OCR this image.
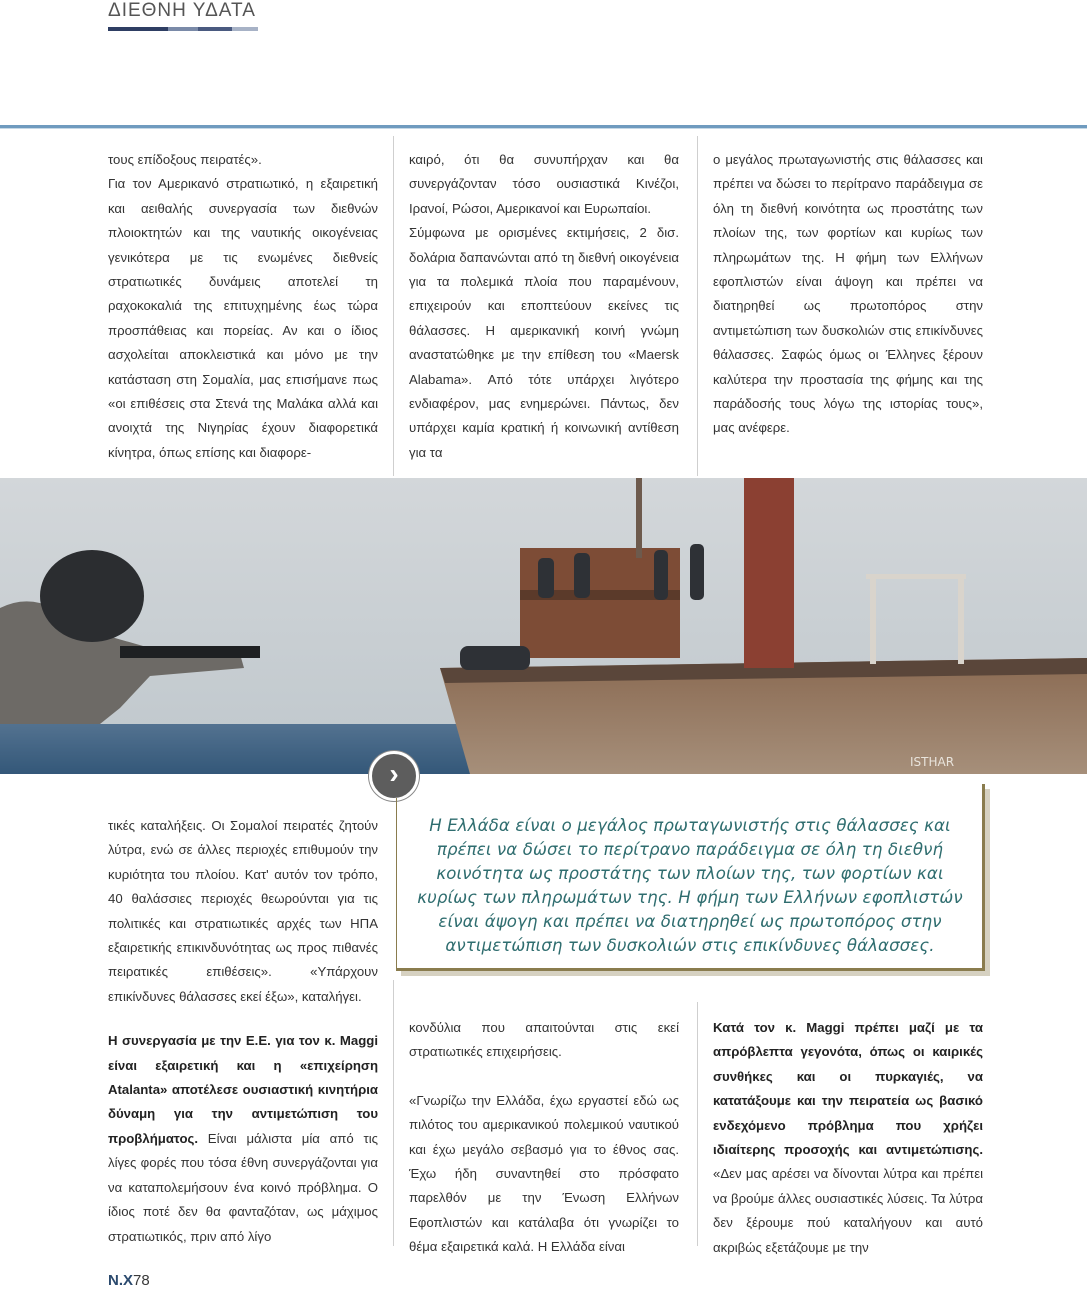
ΔΙΕΘΝΗ ΥΔΑΤΑ

τους επίδοξους πειρατές».

Για τον Αμερικανό στρατιωτικό, η εξαιρετική και αειθαλής συνεργασία των διεθνών πλοιοκτητών και της ναυτικής οικογένειας γενικότερα με τις ενωμένες διεθνείς στρατιωτικές δυνάμεις αποτελεί τη ραχοκοκαλιά της επιτυχημένης έως τώρα προσπάθειας και πορείας. Αν και ο ίδιος ασχολείται αποκλειστικά και μόνο με την κατάσταση στη Σομαλία, μας επισήμανε πως «οι επιθέσεις στα Στενά της Μαλάκα αλλά και ανοιχτά της Νιγηρίας έχουν διαφορετικά κίνητρα, όπως επίσης και διαφορε-

καιρό, ότι θα συνυπήρχαν και θα συνεργάζονταν τόσο ουσιαστικά Κινέζοι, Ιρανοί, Ρώσοι, Αμερικανοί και Ευρωπαίοι.

Σύμφωνα με ορισμένες εκτιμήσεις, 2 δισ. δολάρια δαπανώνται από τη διεθνή οικογένεια για τα πολεμικά πλοία που παραμένουν, επιχειρούν και εποπτεύουν εκείνες τις θάλασσες. Η αμερικανική κοινή γνώμη αναστατώθηκε με την επίθεση του «Maersk Alabama». Από τότε υπάρχει λιγότερο ενδιαφέρον, μας ενημερώνει. Πάντως, δεν υπάρχει καμία κρατική ή κοινωνική αντίθεση για τα

ο μεγάλος πρωταγωνιστής στις θάλασσες και πρέπει να δώσει το περίτρανο παράδειγμα σε όλη τη διεθνή κοινότητα ως προστάτης των πλοίων της, των φορτίων και κυρίως των πληρωμάτων της. Η φήμη των Ελλήνων εφοπλιστών είναι άψογη και πρέπει να διατηρηθεί ως πρωτοπόρος στην αντιμετώπιση των δυσκολιών στις επικίνδυνες θάλασσες. Σαφώς όμως οι Έλληνες ξέρουν καλύτερα την προστασία της φήμης και της παράδοσής τους λόγω της ιστορίας τους», μας ανέφερε.

ISTHAR
›
Η Ελλάδα είναι ο μεγάλος πρωταγωνιστής στις θάλασσες και πρέπει να δώσει το περίτρανο παράδειγμα σε όλη τη διεθνή κοινότητα ως προστάτης των πλοίων της, των φορτίων και κυρίως των πληρωμάτων της. Η φήμη των Ελλήνων εφοπλιστών είναι άψογη και πρέπει να διατηρηθεί ως πρωτοπόρος στην αντιμετώπιση των δυσκολιών στις επικίνδυνες θάλασσες.

τικές καταλήξεις. Οι Σομαλοί πειρατές ζητούν λύτρα, ενώ σε άλλες περιοχές επιθυμούν την κυριότητα του πλοίου. Κατ' αυτόν τον τρόπο, 40 θαλάσσιες περιοχές θεωρούνται για τις πολιτικές και στρατιωτικές αρχές των ΗΠΑ εξαιρετικής επικινδυνότητας ως προς πιθανές πειρατικές επιθέσεις». «Υπάρχουν επικίνδυνες θάλασσες εκεί έξω», καταλήγει.

Η συνεργασία με την Ε.Ε. για τον κ. Maggi είναι εξαιρετική και η «επιχείρηση Atalanta» αποτέλεσε ουσιαστική κινητήρια δύναμη για την αντιμετώπιση του προβλήματος. Είναι μάλιστα μία από τις λίγες φορές που τόσα έθνη συνεργάζονται για να καταπολεμήσουν ένα κοινό πρόβλημα. Ο ίδιος ποτέ δεν θα φανταζόταν, ως μάχιμος στρατιωτικός, πριν από λίγο

κονδύλια που απαιτούνται στις εκεί στρατιωτικές επιχειρήσεις.

«Γνωρίζω την Ελλάδα, έχω εργαστεί εδώ ως πιλότος του αμερικανικού πολεμικού ναυτικού και έχω μεγάλο σεβασμό για το έθνος σας. Έχω ήδη συναντηθεί στο πρόσφατο παρελθόν με την Ένωση Ελλήνων Εφοπλιστών και κατάλαβα ότι γνωρίζει το θέμα εξαιρετικά καλά. Η Ελλάδα είναι

Κατά τον κ. Maggi πρέπει μαζί με τα απρόβλεπτα γεγονότα, όπως οι καιρικές συνθήκες και οι πυρκαγιές, να κατατάξουμε και την πειρατεία ως βασικό ενδεχόμενο πρόβλημα που χρήζει ιδιαίτερης προσοχής και αντιμετώπισης. «Δεν μας αρέσει να δίνονται λύτρα και πρέπει να βρούμε άλλες ουσιαστικές λύσεις. Τα λύτρα δεν ξέρουμε πού καταλήγουν και αυτό ακριβώς εξετάζουμε με την

Ν.Χ78
